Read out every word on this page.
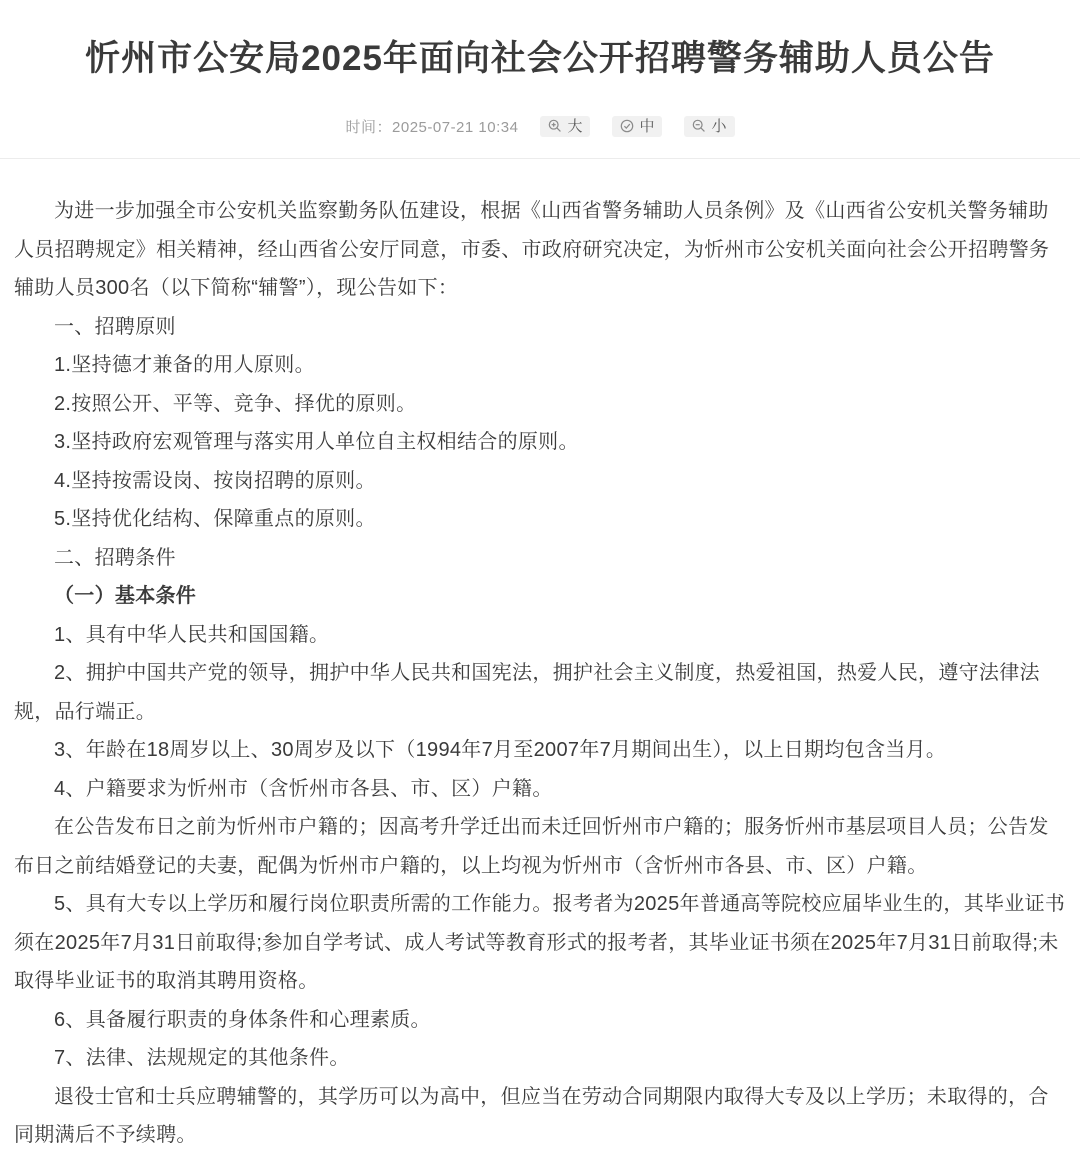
忻州市公安局2025年面向社会公开招聘警务辅助人员公告
时间：2025-07-21 10:34	大	中	小

为进一步加强全市公安机关监察勤务队伍建设，根据《山西省警务辅助人员条例》及《山西省公安机关警务辅助人员招聘规定》相关精神，经山西省公安厅同意，市委、市政府研究决定，为忻州市公安机关面向社会公开招聘警务辅助人员300名（以下简称“辅警”），现公告如下：

一、招聘原则

1.坚持德才兼备的用人原则。

2.按照公开、平等、竞争、择优的原则。

3.坚持政府宏观管理与落实用人单位自主权相结合的原则。

4.坚持按需设岗、按岗招聘的原则。

5.坚持优化结构、保障重点的原则。

二、招聘条件

（一）基本条件

1、具有中华人民共和国国籍。

2、拥护中国共产党的领导，拥护中华人民共和国宪法，拥护社会主义制度，热爱祖国，热爱人民，遵守法律法规，品行端正。

3、年龄在18周岁以上、30周岁及以下（1994年7月至2007年7月期间出生），以上日期均包含当月。

4、户籍要求为忻州市（含忻州市各县、市、区）户籍。

在公告发布日之前为忻州市户籍的；因高考升学迁出而未迁回忻州市户籍的；服务忻州市基层项目人员；公告发布日之前结婚登记的夫妻，配偶为忻州市户籍的，以上均视为忻州市（含忻州市各县、市、区）户籍。

5、具有大专以上学历和履行岗位职责所需的工作能力。报考者为2025年普通高等院校应届毕业生的，其毕业证书须在2025年7月31日前取得;参加自学考试、成人考试等教育形式的报考者，其毕业证书须在2025年7月31日前取得;未取得毕业证书的取消其聘用资格。

6、具备履行职责的身体条件和心理素质。

7、法律、法规规定的其他条件。

退役士官和士兵应聘辅警的，其学历可以为高中，但应当在劳动合同期限内取得大专及以上学历；未取得的，合同期满后不予续聘。
